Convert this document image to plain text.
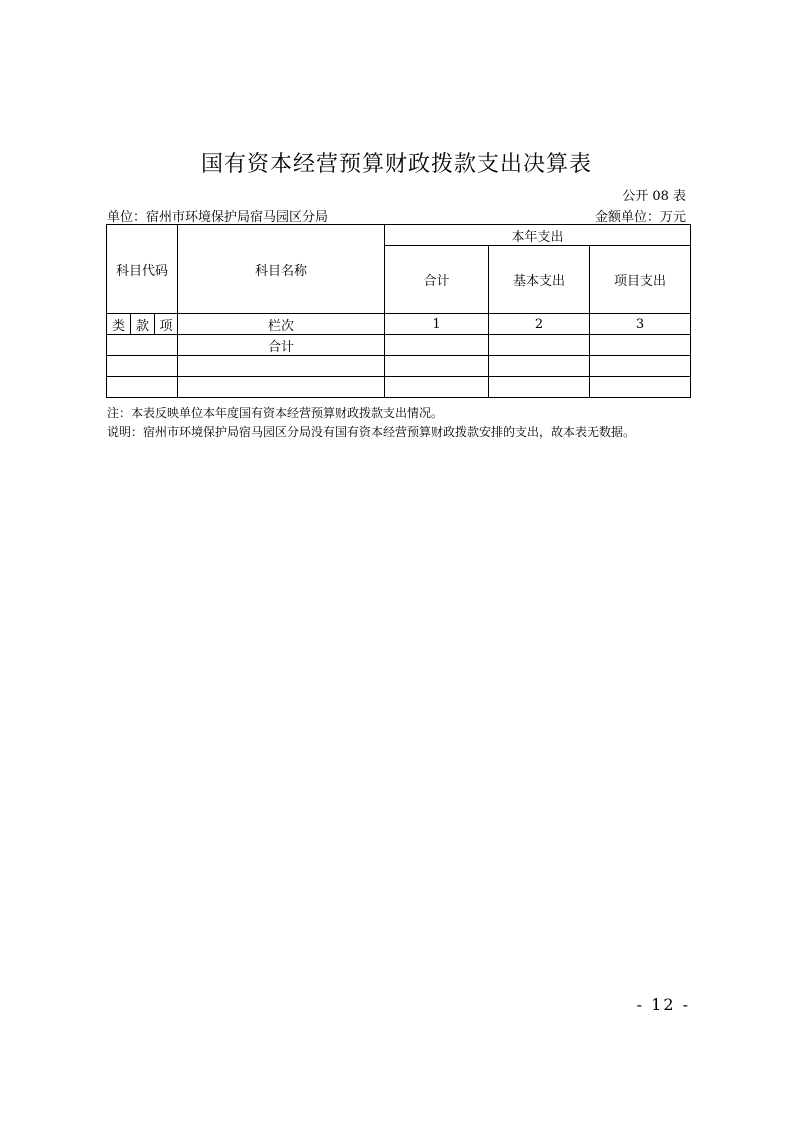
国有资本经营预算财政拨款支出决算表
公开 08 表
单位：宿州市环境保护局宿马园区分局	金额单位：万元
科目代码			科目名称	本年支出		
				合计	基本支出	项目支出
类	款	项	栏次	1	2	3
			合计			

注：本表反映单位本年度国有资本经营预算财政拨款支出情况。
说明：宿州市环境保护局宿马园区分局没有国有资本经营预算财政拨款安排的支出，故本表无数据。
- 12 -
